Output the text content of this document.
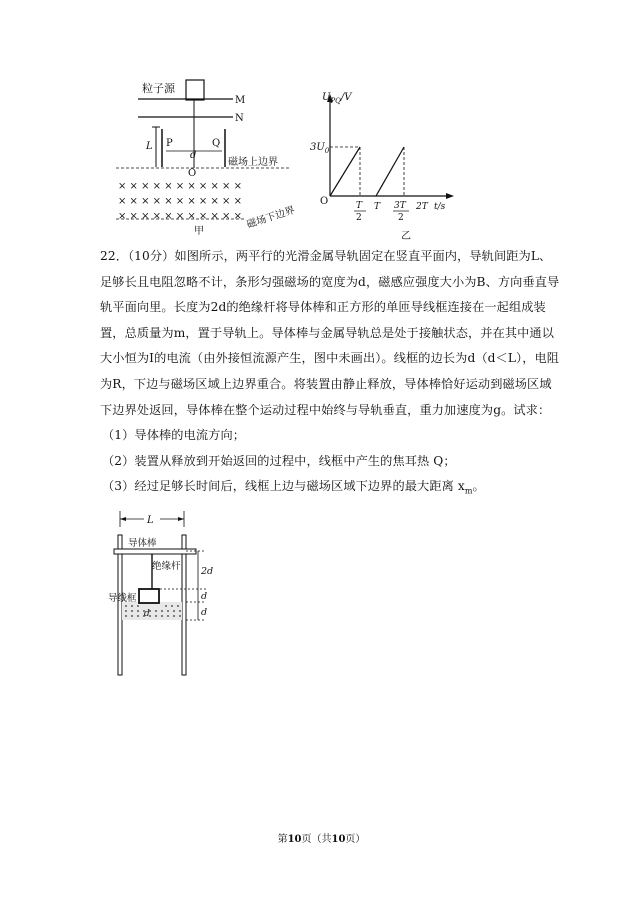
粒子源
M
N
L P	Q
d
O
磁场上边界
× × × × × × × × × × ×
× × × × × × × × × × ×
× × × × × × × × × × × 磁场下边界
甲
$U_{PQ}/V$
$3U_0$
O	T
2
T 3T
2
2T t/s
乙

22．（10分）如图所示，两平行的光滑金属导轨固定在竖直平面内，导轨间距为L、足够长且电阻忽略不计，条形匀强磁场的宽度为d，磁感应强度大小为B、方向垂直导轨平面向里。长度为2d的绝缘杆将导体棒和正方形的单匝导线框连接在一起组成装置，总质量为m，置于导轨上。导体棒与金属导轨总是处于接触状态，并在其中通以大小恒为I的电流（由外接恒流源产生，图中未画出）。线框的边长为d（d＜L），电阻为R，下边与磁场区域上边界重合。将装置由静止释放，导体棒恰好运动到磁场区域下边界处返回，导体棒在整个运动过程中始终与导轨垂直，重力加速度为g。试求：

（1）导体棒的电流方向；

（2）装置从释放到开始返回的过程中，线框中产生的焦耳热 Q；

（3）经过足够长时间后，线框上边与磁场区域下边界的最大距离 $x_m$。

L
导体棒
绝缘杆
导线框
d
2d
d
d
第10页（共10页）
